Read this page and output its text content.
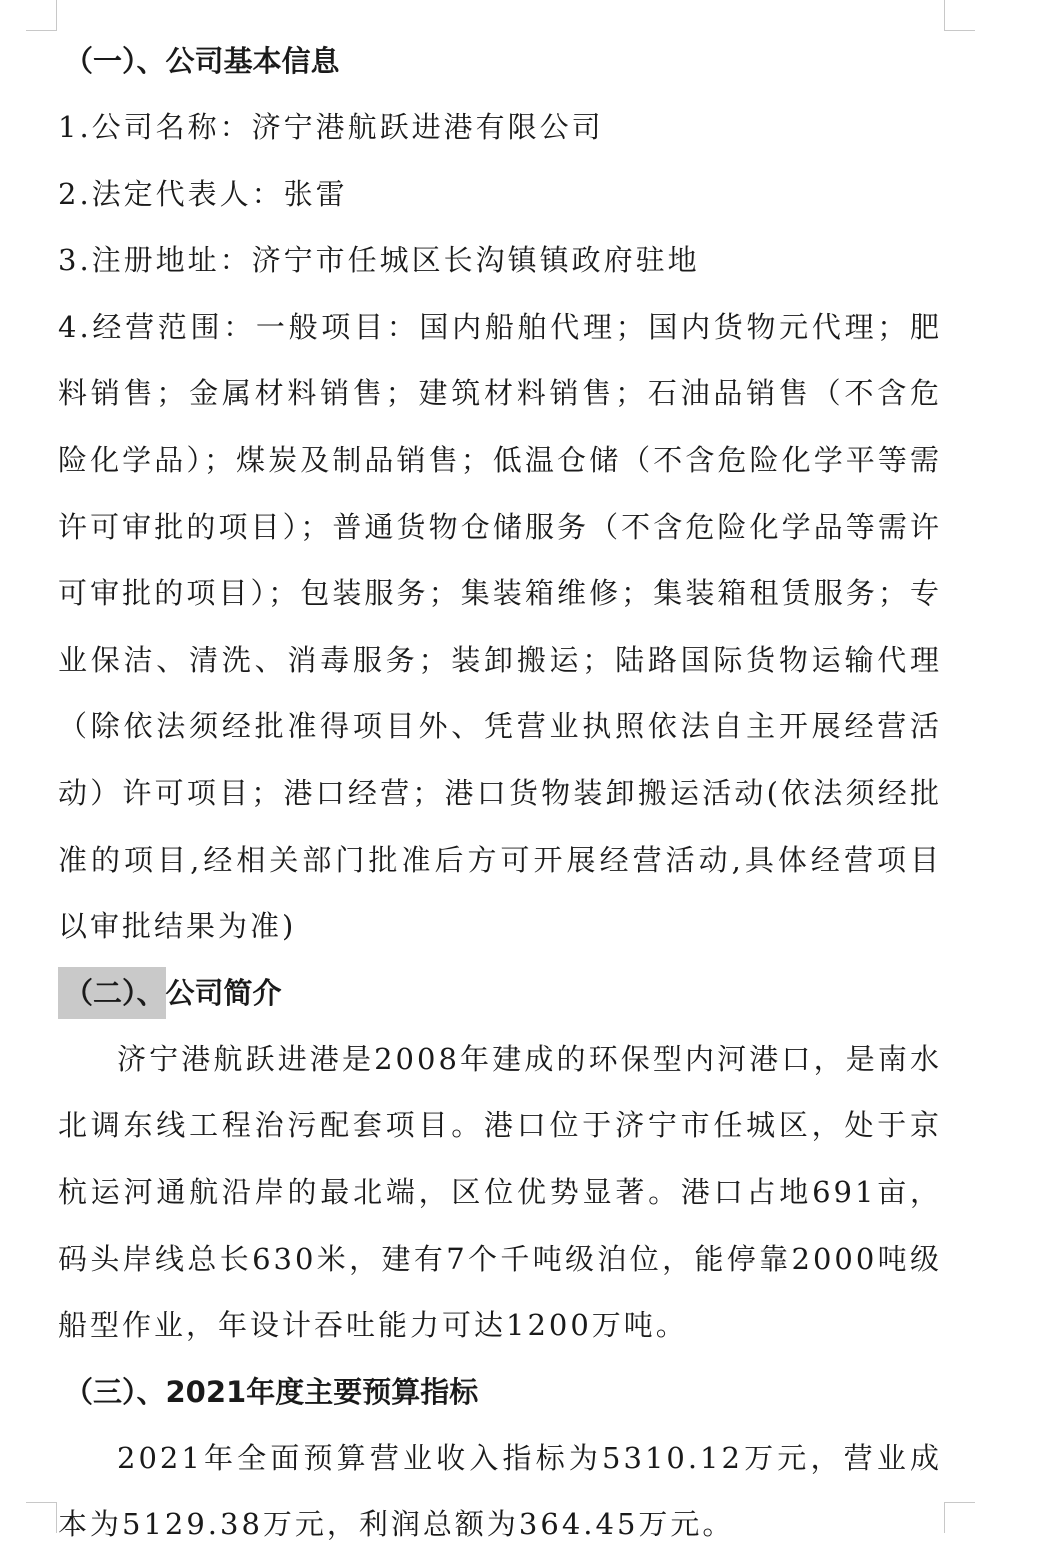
（一）、公司基本信息
1.公司名称：济宁港航跃进港有限公司
2.法定代表人：张雷
3.注册地址：济宁市任城区长沟镇镇政府驻地

4.经营范围：一般项目：国内船舶代理；国内货物元代理；肥料销售；金属材料销售；建筑材料销售；石油品销售（不含危险化学品）；煤炭及制品销售；低温仓储（不含危险化学平等需许可审批的项目）；普通货物仓储服务（不含危险化学品等需许可审批的项目）；包装服务；集装箱维修；集装箱租赁服务；专业保洁、清洗、消毒服务；装卸搬运；陆路国际货物运输代理（除依法须经批准得项目外、凭营业执照依法自主开展经营活动）许可项目；港口经营；港口货物装卸搬运活动(依法须经批准的项目,经相关部门批准后方可开展经营活动,具体经营项目以审批结果为准)

（二）、公司简介

济宁港航跃进港是2008年建成的环保型内河港口，是南水北调东线工程治污配套项目。港口位于济宁市任城区，处于京杭运河通航沿岸的最北端，区位优势显著。港口占地691亩，码头岸线总长630米，建有7个千吨级泊位，能停靠2000吨级船型作业，年设计吞吐能力可达1200万吨。

（三）、2021年度主要预算指标

2021年全面预算营业收入指标为5310.12万元，营业成本为5129.38万元，利润总额为364.45万元。
